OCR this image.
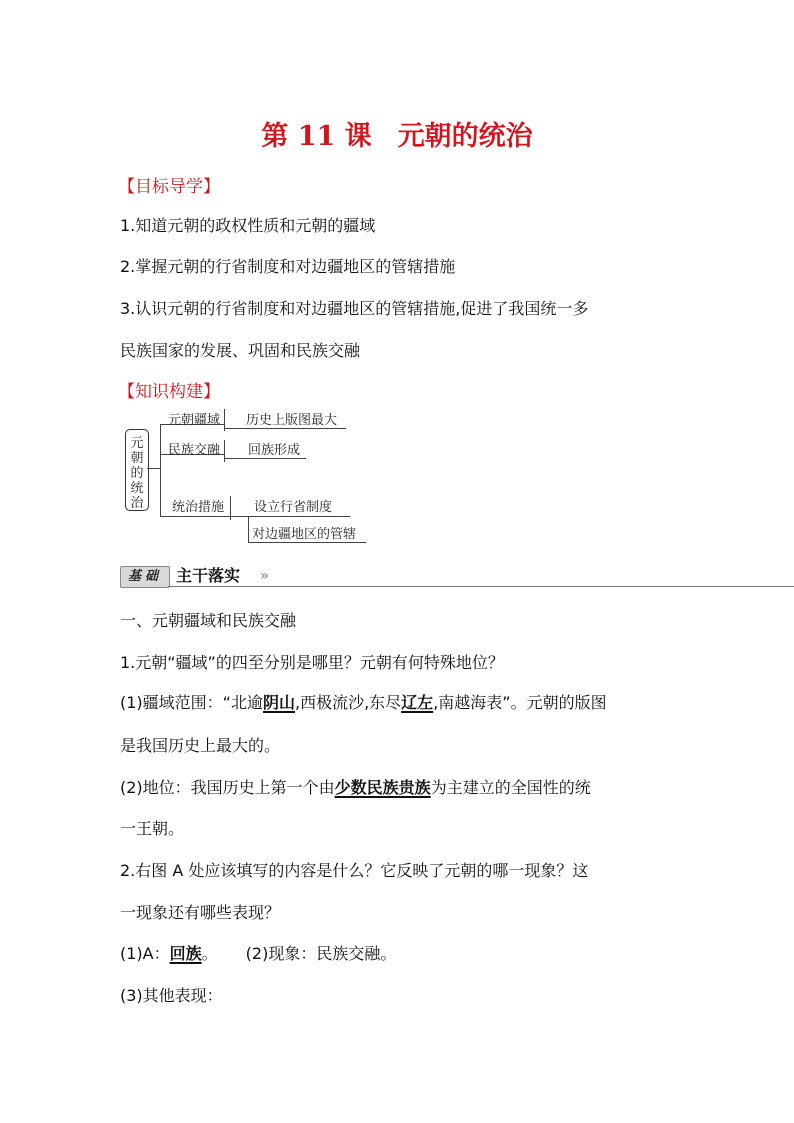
第 11 课 元朝的统治
【目标导学】
1.知道元朝的政权性质和元朝的疆域
2.掌握元朝的行省制度和对边疆地区的管辖措施
3.认识元朝的行省制度和对边疆地区的管辖措施,促进了我国统一多
民族国家的发展、巩固和民族交融
【知识构建】
元
朝
的
统
治
元朝疆域 历史上版图最大
民族交融 回族形成
统治措施 设立行省制度
对边疆地区的管辖
基础 主干落实 »
一、元朝疆域和民族交融
1.元朝“疆域”的四至分别是哪里？元朝有何特殊地位？
(1)疆域范围：“北逾阴山,西极流沙,东尽辽左,南越海表”。元朝的版图
是我国历史上最大的。
(2)地位：我国历史上第一个由少数民族贵族为主建立的全国性的统
一王朝。
2.右图 A 处应该填写的内容是什么？它反映了元朝的哪一现象？这
一现象还有哪些表现？
(1)A：回族。 (2)现象：民族交融。
(3)其他表现：
